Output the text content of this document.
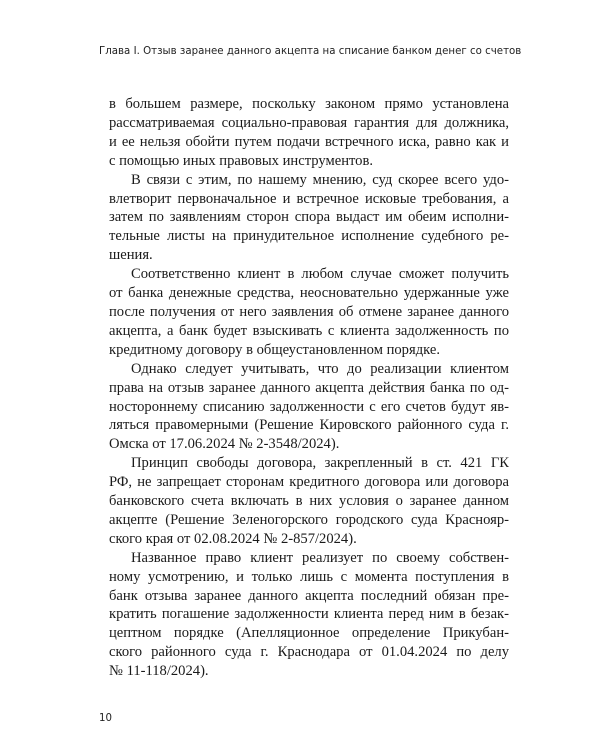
Глава I. Отзыв заранее данного акцепта на списание банком денег со счетов

в большем размере, поскольку законом прямо установлена
рассматриваемая социально-правовая гарантия для должника,
и ее нельзя обойти путем подачи встречного иска, равно как и
с помощью иных правовых инструментов.

В связи с этим, по нашему мнению, суд скорее всего удо-
влетворит первоначальное и встречное исковые требования, а
затем по заявлениям сторон спора выдаст им обеим исполни-
тельные листы на принудительное исполнение судебного ре-
шения.

Соответственно клиент в любом случае сможет получить
от банка денежные средства, неосновательно удержанные уже
после получения от него заявления об отмене заранее данного
акцепта, а банк будет взыскивать с клиента задолженность по
кредитному договору в общеустановленном порядке.

Однако следует учитывать, что до реализации клиентом
права на отзыв заранее данного акцепта действия банка по од-
ностороннему списанию задолженности с его счетов будут яв-
ляться правомерными (Решение Кировского районного суда г.
Омска от 17.06.2024 № 2-3548/2024).

Принцип свободы договора, закрепленный в ст. 421 ГК
РФ, не запрещает сторонам кредитного договора или договора
банковского счета включать в них условия о заранее данном
акцепте (Решение Зеленогорского городского суда Краснояр-
ского края от 02.08.2024 № 2-857/2024).

Названное право клиент реализует по своему собствен-
ному усмотрению, и только лишь с момента поступления в
банк отзыва заранее данного акцепта последний обязан пре-
кратить погашение задолженности клиента перед ним в безак-
цептном порядке (Апелляционное определение Прикубан-
ского районного суда г. Краснодара от 01.04.2024 по делу
№ 11-118/2024).

10
